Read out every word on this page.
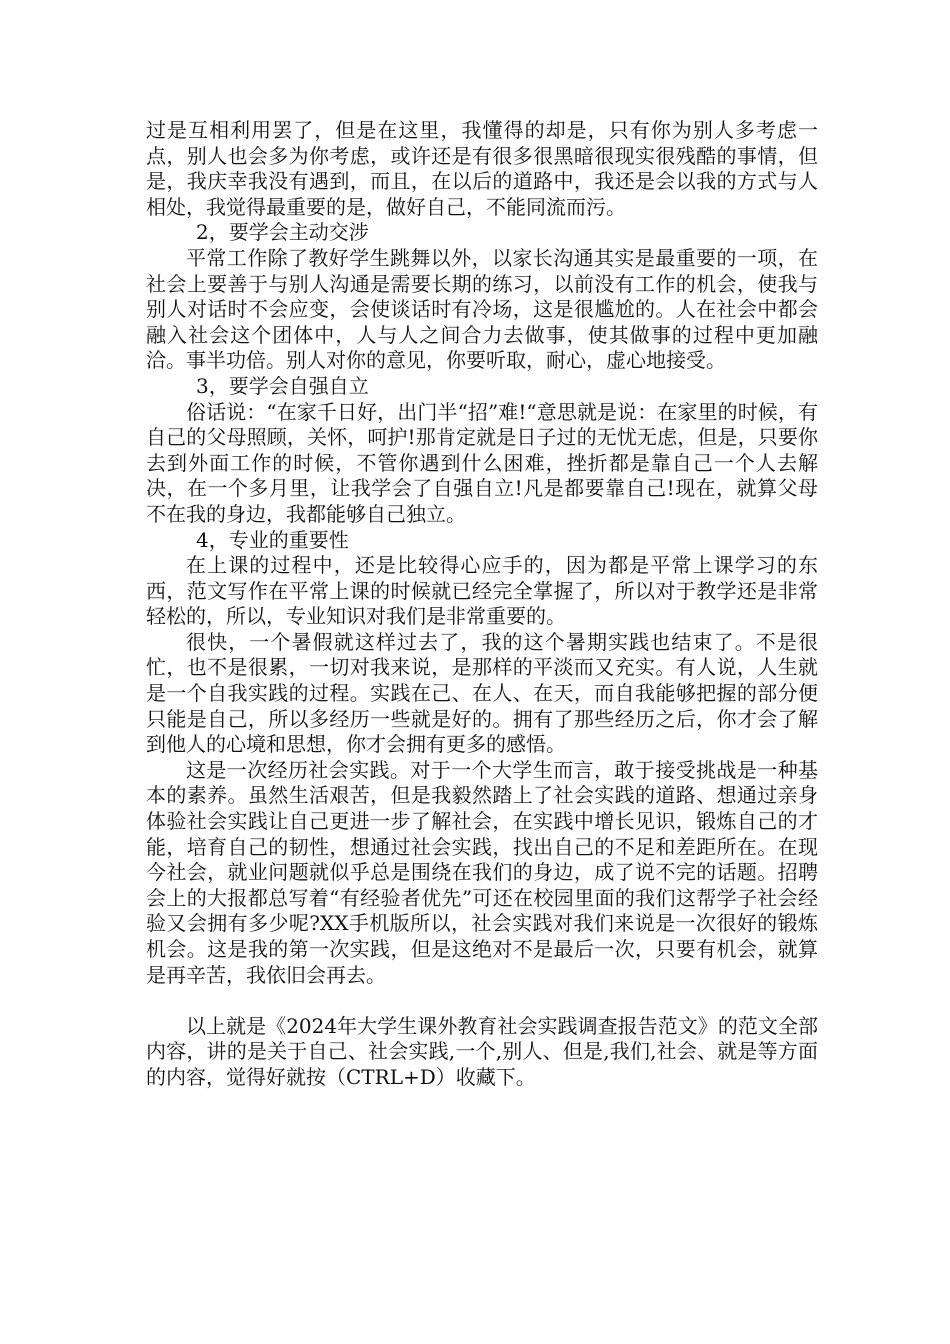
过是互相利用罢了，但是在这里，我懂得的却是，只有你为别人多考虑一点，别人也会多为你考虑，或许还是有很多很黑暗很现实很残酷的事情，但是，我庆幸我没有遇到，而且，在以后的道路中，我还是会以我的方式与人相处，我觉得最重要的是，做好自己，不能同流而污。

2，要学会主动交涉

平常工作除了教好学生跳舞以外，以家长沟通其实是最重要的一项，在社会上要善于与别人沟通是需要长期的练习，以前没有工作的机会，使我与别人对话时不会应变，会使谈话时有冷场，这是很尴尬的。人在社会中都会融入社会这个团体中，人与人之间合力去做事，使其做事的过程中更加融洽。事半功倍。别人对你的意见，你要听取，耐心，虚心地接受。

3，要学会自强自立

俗话说：“在家千日好，出门半“招”难!“意思就是说：在家里的时候，有自己的父母照顾，关怀，呵护!那肯定就是日子过的无忧无虑，但是，只要你去到外面工作的时候，不管你遇到什么困难，挫折都是靠自己一个人去解决，在一个多月里，让我学会了自强自立!凡是都要靠自己!现在，就算父母不在我的身边，我都能够自己独立。

4，专业的重要性

在上课的过程中，还是比较得心应手的，因为都是平常上课学习的东西，范文写作在平常上课的时候就已经完全掌握了，所以对于教学还是非常轻松的，所以，专业知识对我们是非常重要的。

很快，一个暑假就这样过去了，我的这个暑期实践也结束了。不是很忙，也不是很累，一切对我来说，是那样的平淡而又充实。有人说，人生就是一个自我实践的过程。实践在己、在人、在天，而自我能够把握的部分便只能是自己，所以多经历一些就是好的。拥有了那些经历之后，你才会了解到他人的心境和思想，你才会拥有更多的感悟。

这是一次经历社会实践。对于一个大学生而言，敢于接受挑战是一种基本的素养。虽然生活艰苦，但是我毅然踏上了社会实践的道路、想通过亲身体验社会实践让自己更进一步了解社会，在实践中增长见识，锻炼自己的才能，培育自己的韧性，想通过社会实践，找出自己的不足和差距所在。在现今社会，就业问题就似乎总是围绕在我们的身边，成了说不完的话题。招聘会上的大报都总写着“有经验者优先”可还在校园里面的我们这帮学子社会经验又会拥有多少呢?XX手机版所以，社会实践对我们来说是一次很好的锻炼机会。这是我的第一次实践，但是这绝对不是最后一次，只要有机会，就算是再辛苦，我依旧会再去。

以上就是《2024年大学生课外教育社会实践调查报告范文》的范文全部内容，讲的是关于自己、社会实践,一个,别人、但是,我们,社会、就是等方面的内容，觉得好就按（CTRL+D）收藏下。
